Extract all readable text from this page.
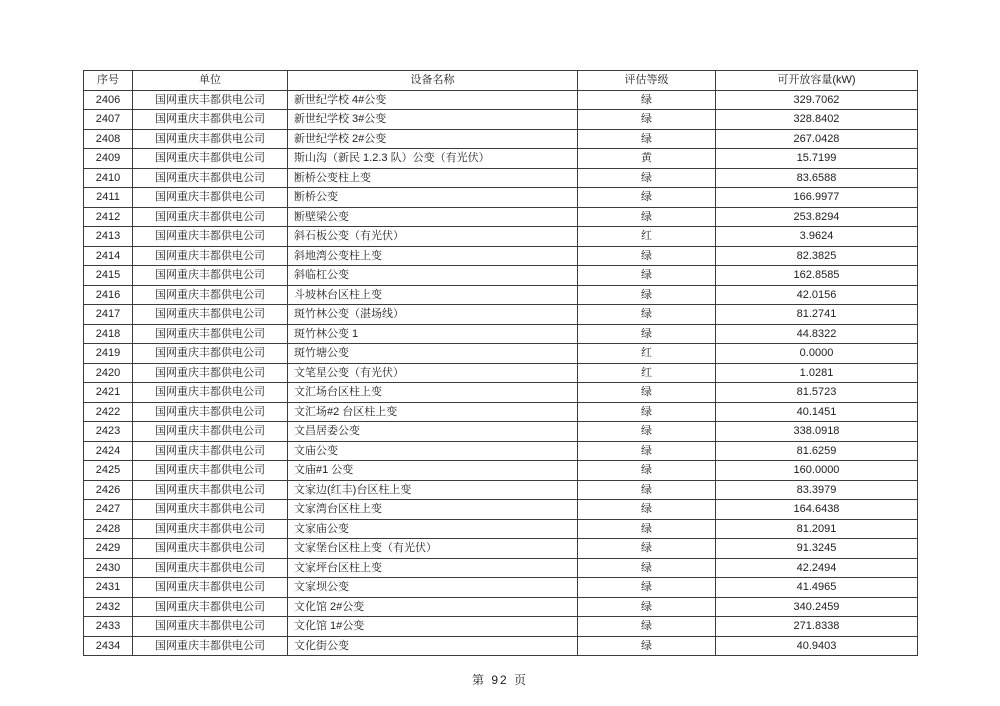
序号	单位	设备名称	评估等级	可开放容量(kW)
2406	国网重庆丰都供电公司	新世纪学校 4#公变	绿	329.7062
2407	国网重庆丰都供电公司	新世纪学校 3#公变	绿	328.8402
2408	国网重庆丰都供电公司	新世纪学校 2#公变	绿	267.0428
2409	国网重庆丰都供电公司	斯山沟（新民 1.2.3 队）公变（有光伏）	黄	15.7199
2410	国网重庆丰都供电公司	断桥公变柱上变	绿	83.6588
2411	国网重庆丰都供电公司	断桥公变	绿	166.9977
2412	国网重庆丰都供电公司	断壁梁公变	绿	253.8294
2413	国网重庆丰都供电公司	斜石板公变（有光伏）	红	3.9624
2414	国网重庆丰都供电公司	斜地湾公变柱上变	绿	82.3825
2415	国网重庆丰都供电公司	斜临杠公变	绿	162.8585
2416	国网重庆丰都供电公司	斗坡林台区柱上变	绿	42.0156
2417	国网重庆丰都供电公司	斑竹林公变（湛场线）	绿	81.2741
2418	国网重庆丰都供电公司	斑竹林公变 1	绿	44.8322
2419	国网重庆丰都供电公司	斑竹塘公变	红	0.0000
2420	国网重庆丰都供电公司	文笔星公变（有光伏）	红	1.0281
2421	国网重庆丰都供电公司	文汇场台区柱上变	绿	81.5723
2422	国网重庆丰都供电公司	文汇场#2 台区柱上变	绿	40.1451
2423	国网重庆丰都供电公司	文昌居委公变	绿	338.0918
2424	国网重庆丰都供电公司	文庙公变	绿	81.6259
2425	国网重庆丰都供电公司	文庙#1 公变	绿	160.0000
2426	国网重庆丰都供电公司	文家边(红丰)台区柱上变	绿	83.3979
2427	国网重庆丰都供电公司	文家湾台区柱上变	绿	164.6438
2428	国网重庆丰都供电公司	文家庙公变	绿	81.2091
2429	国网重庆丰都供电公司	文家堡台区柱上变（有光伏）	绿	91.3245
2430	国网重庆丰都供电公司	文家坪台区柱上变	绿	42.2494
2431	国网重庆丰都供电公司	文家坝公变	绿	41.4965
2432	国网重庆丰都供电公司	文化馆 2#公变	绿	340.2459
2433	国网重庆丰都供电公司	文化馆 1#公变	绿	271.8338
2434	国网重庆丰都供电公司	文化街公变	绿	40.9403
第 92 页
